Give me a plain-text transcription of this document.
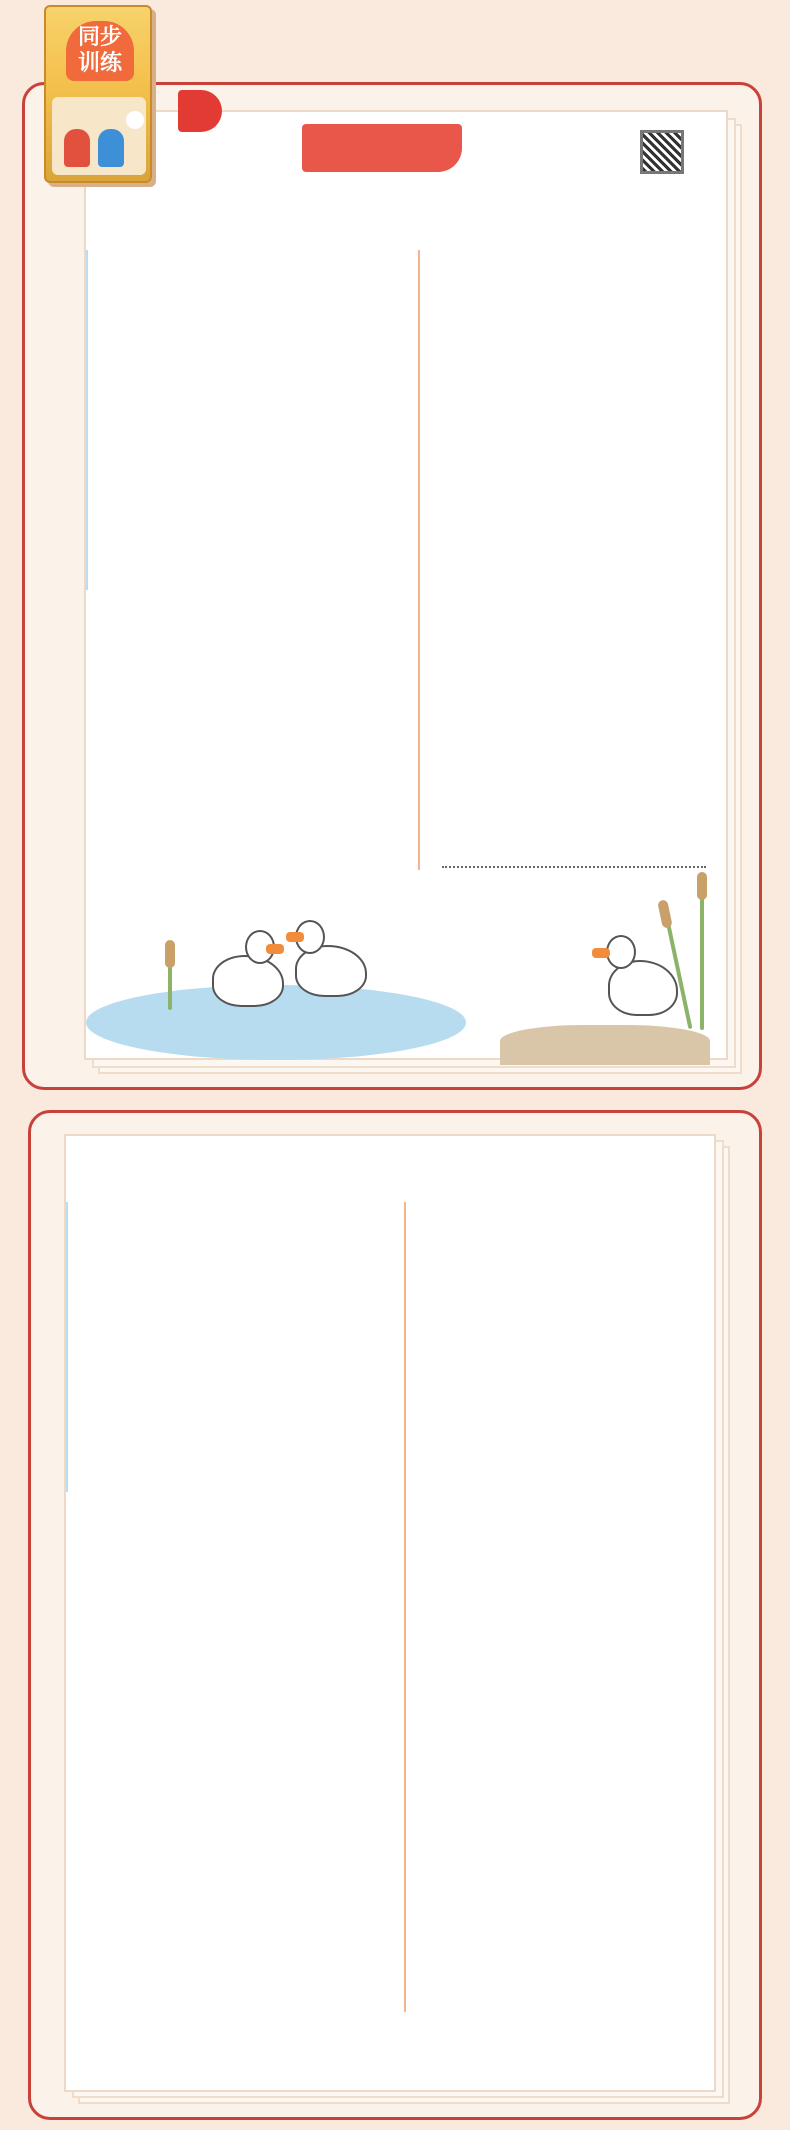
同步
训练
